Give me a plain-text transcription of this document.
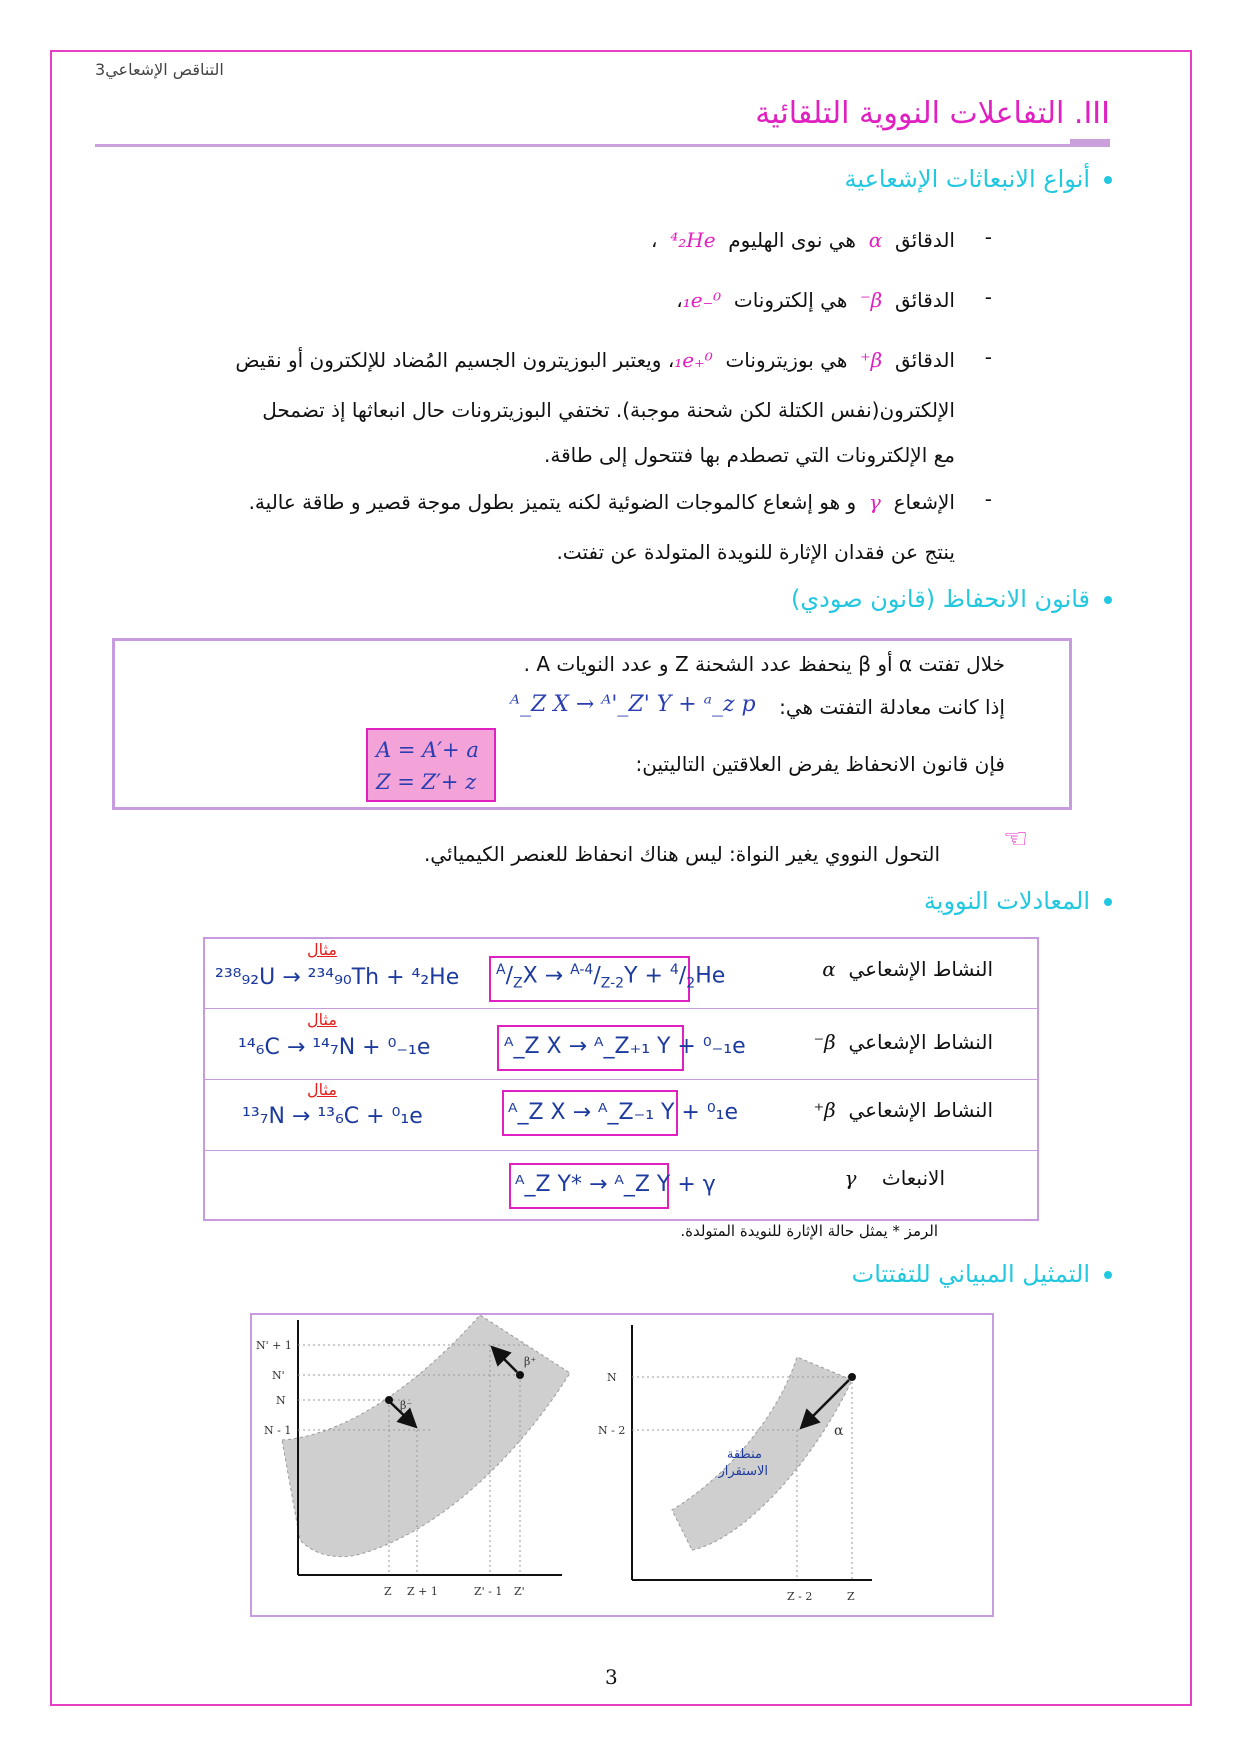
3التناقص الإشعاعي
III. التفاعلات النووية التلقائية
أنواع الانبعاثات الإشعاعية
-
الدقائق  α  هي نوى الهليوم  ⁴₂He  ،
-
الدقائق  β⁻  هي إلكترونات  ⁰₋₁e،
-
الدقائق  β⁺  هي بوزيترونات  ⁰₊₁e، ويعتبر البوزيترون الجسيم المُضاد للإلكترون أو نقيض
الإلكترون(نفس الكتلة لكن شحنة موجبة). تختفي البوزيترونات حال انبعاثها إذ تضمحل
مع الإلكترونات التي تصطدم بها فتتحول إلى طاقة.
-
الإشعاع  γ  و هو إشعاع كالموجات الضوئية لكنه يتميز بطول موجة قصير و طاقة عالية.
ينتج عن فقدان الإثارة للنويدة المتولدة عن تفتت.
قانون الانحفاظ (قانون صودي)
خلال تفتت α أو β ينحفظ عدد الشحنة Z و عدد النويات A .
إذا كانت معادلة التفتت هي:
ᴬ_Z X → ᴬ'_Z' Y + ᵃ_z p
فإن قانون الانحفاظ يفرض العلاقتين التاليتين:
A = A′+ a
Z = Z′+ z
☜
التحول النووي يغير النواة: ليس هناك انحفاظ للعنصر الكيميائي.
المعادلات النووية
النشاط الإشعاعي  α
$^A/_ZX \to ^{A-4}/_{Z-2}Y + ^4/_2He$
مثال
²³⁸₉₂U → ²³⁴₉₀Th + ⁴₂He
النشاط الإشعاعي  β⁻
ᴬ_Z X → ᴬ_Z₊₁ Y + ⁰₋₁e
مثال
¹⁴₆C → ¹⁴₇N + ⁰₋₁e
النشاط الإشعاعي  β⁺
ᴬ_Z X → ᴬ_Z₋₁ Y + ⁰₁e
مثال
¹³₇N → ¹³₆C + ⁰₁e
الانبعاث    γ
ᴬ_Z Y* → ᴬ_Z Y + γ
الرمز * يمثل حالة الإثارة للنويدة المتولدة.
التمثيل المبياني للتفتتات
N' + 1
N'
N
N - 1
Z Z + 1	Z' - 1 Z'
β⁻
β⁺
N
N - 2
Z - 2	Z
α
منطقة
الاستقرار
3
